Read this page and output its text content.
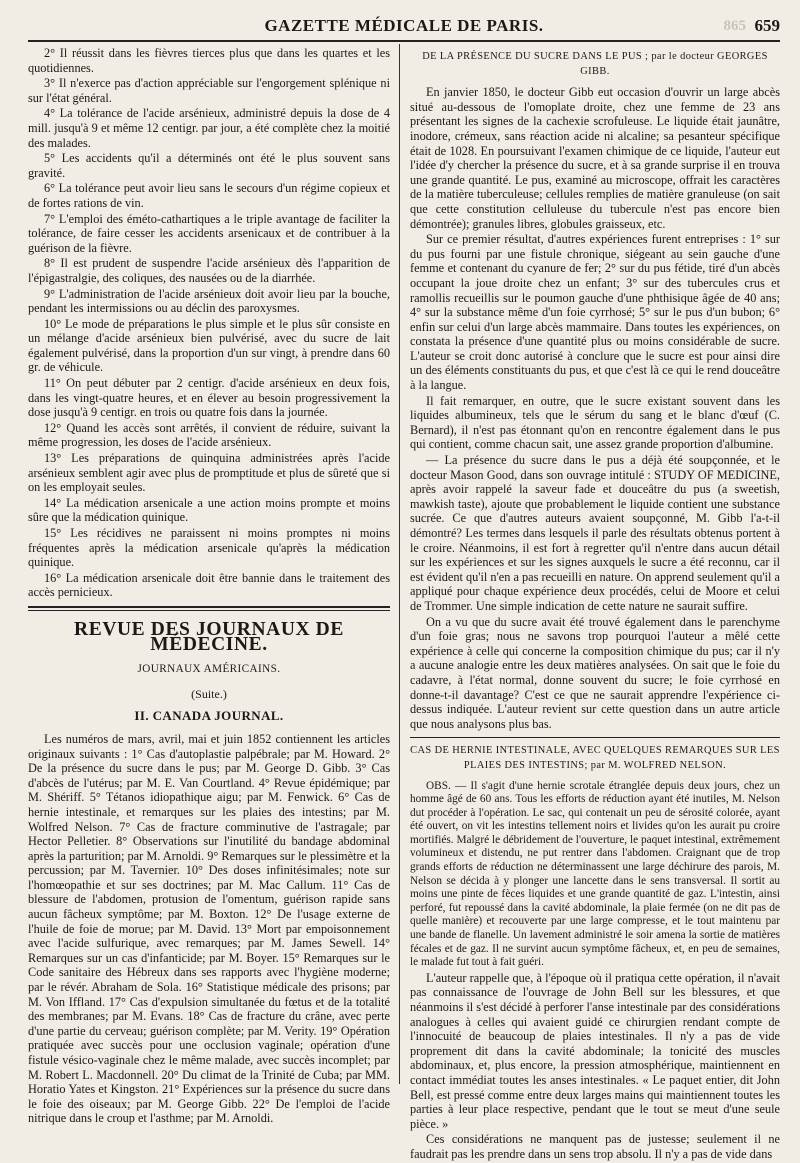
GAZETTE MÉDICALE DE PARIS.	865 659

2° Il réussit dans les fièvres tierces plus que dans les quartes et les quotidiennes.

3° Il n'exerce pas d'action appréciable sur l'engorgement splénique ni sur l'état général.

4° La tolérance de l'acide arsénieux, administré depuis la dose de 4 mill. jusqu'à 9 et même 12 centigr. par jour, a été complète chez la moitié des malades.

5° Les accidents qu'il a déterminés ont été le plus souvent sans gravité.

6° La tolérance peut avoir lieu sans le secours d'un régime copieux et de fortes rations de vin.

7° L'emploi des éméto-cathartiques a le triple avantage de faciliter la tolérance, de faire cesser les accidents arsenicaux et de contribuer à la guérison de la fièvre.

8° Il est prudent de suspendre l'acide arsénieux dès l'apparition de l'épigastralgie, des coliques, des nausées ou de la diarrhée.

9° L'administration de l'acide arsénieux doit avoir lieu par la bouche, pendant les intermissions ou au déclin des paroxysmes.

10° Le mode de préparations le plus simple et le plus sûr consiste en un mélange d'acide arsénieux bien pulvérisé, avec du sucre de lait également pulvérisé, dans la proportion d'un sur vingt, à prendre dans 60 gr. de véhicule.

11° On peut débuter par 2 centigr. d'acide arsénieux en deux fois, dans les vingt-quatre heures, et en élever au besoin progressivement la dose jusqu'à 9 centigr. en trois ou quatre fois dans la journée.

12° Quand les accès sont arrêtés, il convient de réduire, suivant la même progression, les doses de l'acide arsénieux.

13° Les préparations de quinquina administrées après l'acide arsénieux semblent agir avec plus de promptitude et plus de sûreté que si on les employait seules.

14° La médication arsenicale a une action moins prompte et moins sûre que la médication quinique.

15° Les récidives ne paraissent ni moins promptes ni moins fréquentes après la médication arsenicale qu'après la médication quinique.

16° La médication arsenicale doit être bannie dans le traitement des accès pernicieux.

REVUE DES JOURNAUX DE MÉDECINE.

JOURNAUX AMÉRICAINS.

(Suite.)

II. CANADA JOURNAL.

Les numéros de mars, avril, mai et juin 1852 contiennent les articles originaux suivants : 1° Cas d'autoplastie palpébrale; par M. Howard. 2° De la présence du sucre dans le pus; par M. George D. Gibb. 3° Cas d'abcès de l'utérus; par M. E. Van Courtland. 4° Revue épidémique; par M. Shériff. 5° Tétanos idiopathique aigu; par M. Fenwick. 6° Cas de hernie intestinale, et remarques sur les plaies des intestins; par M. Wolfred Nelson. 7° Cas de fracture comminutive de l'astragale; par Hector Pelletier. 8° Observations sur l'inutilité du bandage abdominal après la parturition; par M. Arnoldi. 9° Remarques sur le plessimètre et la percussion; par M. Tavernier. 10° Des doses infinitésimales; note sur l'homœopathie et sur ses doctrines; par M. Mac Callum. 11° Cas de blessure de l'abdomen, protusion de l'omentum, guérison rapide sans aucun fâcheux symptôme; par M. Boxton. 12° De l'usage externe de l'huile de foie de morue; par M. David. 13° Mort par empoisonnement avec l'acide sulfurique, avec remarques; par M. James Sewell. 14° Remarques sur un cas d'infanticide; par M. Boyer. 15° Remarques sur le Code sanitaire des Hébreux dans ses rapports avec l'hygiène moderne; par le révér. Abraham de Sola. 16° Statistique médicale des prisons; par M. Von Iffland. 17° Cas d'expulsion simultanée du fœtus et de la totalité des membranes; par M. Evans. 18° Cas de fracture du crâne, avec perte d'une partie du cerveau; guérison complète; par M. Verity. 19° Opération pratiquée avec succès pour une occlusion vaginale; opération d'une fistule vésico-vaginale chez le même malade, avec succès incomplet; par M. Robert L. Macdonnell. 20° Du climat de la Trinité de Cuba; par MM. Horatio Yates et Kingston. 21° Expériences sur la présence du sucre dans le foie des oiseaux; par M. George Gibb. 22° De l'emploi de l'acide nitrique dans le croup et l'asthme; par M. Arnoldi.

DE LA PRÉSENCE DU SUCRE DANS LE PUS ; par le docteur GEORGES GIBB.

En janvier 1850, le docteur Gibb eut occasion d'ouvrir un large abcès situé au-dessous de l'omoplate droite, chez une femme de 23 ans présentant les signes de la cachexie scrofuleuse. Le liquide était jaunâtre, inodore, crémeux, sans réaction acide ni alcaline; sa pesanteur spécifique était de 1028. En poursuivant l'examen chimique de ce liquide, l'auteur eut l'idée d'y chercher la présence du sucre, et à sa grande surprise il en trouva une grande quantité. Le pus, examiné au microscope, offrait les caractères de la matière tuberculeuse; cellules remplies de matière granuleuse (on sait que cette constitution celluleuse du tubercule n'est pas encore bien démontrée); granules libres, globules graisseux, etc.

Sur ce premier résultat, d'autres expériences furent entreprises : 1° sur du pus fourni par une fistule chronique, siégeant au sein gauche d'une femme et contenant du cyanure de fer; 2° sur du pus fétide, tiré d'un abcès occupant la joue droite chez un enfant; 3° sur des tubercules crus et ramollis recueillis sur le poumon gauche d'une phthisique âgée de 40 ans; 4° sur la substance même d'un foie cyrrhosé; 5° sur le pus d'un bubon; 6° enfin sur celui d'un large abcès mammaire. Dans toutes les expériences, on constata la présence d'une quantité plus ou moins considérable de sucre. L'auteur se croit donc autorisé à conclure que le sucre est pour ainsi dire un des éléments constituants du pus, et que c'est là ce qui le rend douceâtre à la langue.

Il fait remarquer, en outre, que le sucre existant souvent dans les liquides albumineux, tels que le sérum du sang et le blanc d'œuf (C. Bernard), il n'est pas étonnant qu'on en rencontre également dans le pus qui contient, comme chacun sait, une assez grande proportion d'albumine.

— La présence du sucre dans le pus a déjà été soupçonnée, et le docteur Mason Good, dans son ouvrage intitulé : STUDY OF MEDICINE, après avoir rappelé la saveur fade et douceâtre du pus (a sweetish, mawkish taste), ajoute que probablement le liquide contient une substance sucrée. Ce que d'autres auteurs avaient soupçonné, M. Gibb l'a-t-il démontré? Les termes dans lesquels il parle des résultats obtenus portent à le croire. Néanmoins, il est fort à regretter qu'il n'entre dans aucun détail sur les expériences et sur les signes auxquels le sucre a été reconnu, car il est évident qu'il n'en a pas recueilli en nature. On apprend seulement qu'il a appliqué pour chaque expérience deux procédés, celui de Moore et celui de Trommer. Une simple indication de cette nature ne saurait suffire.

On a vu que du sucre avait été trouvé également dans le parenchyme d'un foie gras; nous ne savons trop pourquoi l'auteur a mêlé cette expérience à celle qui concerne la composition chimique du pus; car il n'y a aucune analogie entre les deux matières analysées. On sait que le foie du cadavre, à l'état normal, donne souvent du sucre; le foie cyrrhosé en donne-t-il davantage? C'est ce que ne saurait apprendre l'expérience ci-dessus indiquée. L'auteur revient sur cette question dans un autre article que nous analysons plus bas.

CAS DE HERNIE INTESTINALE, AVEC QUELQUES REMARQUES SUR LES PLAIES DES INTESTINS; par M. WOLFRED NELSON.

OBS. — Il s'agit d'une hernie scrotale étranglée depuis deux jours, chez un homme âgé de 60 ans. Tous les efforts de réduction ayant été inutiles, M. Nelson dut procéder à l'opération. Le sac, qui contenait un peu de sérosité colorée, ayant été ouvert, on vit les intestins tellement noirs et livides qu'on les aurait pu croire mortifiés. Malgré le débridement de l'ouverture, le paquet intestinal, extrêmement volumineux et distendu, ne put rentrer dans l'abdomen. Craignant que de trop grands efforts de réduction ne déterminassent une large déchirure des parois, M. Nelson se décida à y plonger une lancette dans le sens transversal. Il sortit au moins une pinte de fèces liquides et une grande quantité de gaz. L'intestin, ainsi perforé, fut repoussé dans la cavité abdominale, la plaie fermée (on ne dit pas de quelle manière) et recouverte par une large compresse, et le tout maintenu par une bande de flanelle. Un lavement administré le soir amena la sortie de matières fécales et de gaz. Il ne survint aucun symptôme fâcheux, et, en peu de semaines, le malade fut tout à fait guéri.

L'auteur rappelle que, à l'époque où il pratiqua cette opération, il n'avait pas connaissance de l'ouvrage de John Bell sur les blessures, et que néanmoins il s'est décidé à perforer l'anse intestinale par des considérations analogues à celles qui avaient guidé ce chirurgien rendant compte de l'innocuité de beaucoup de plaies intestinales. Il n'y a pas de vide proprement dit dans la cavité abdominale; la tonicité des muscles abdominaux, et, plus encore, la pression atmosphérique, maintiennent en contact immédiat toutes les anses intestinales. « Le paquet entier, dit John Bell, est pressé comme entre deux larges mains qui maintiennent toutes les parties à leur place respective, pendant que le tout se meut d'une seule pièce. »

Ces considérations ne manquent pas de justesse; seulement il ne faudrait pas les prendre dans un sens trop absolu. Il n'y a pas de vide dans
